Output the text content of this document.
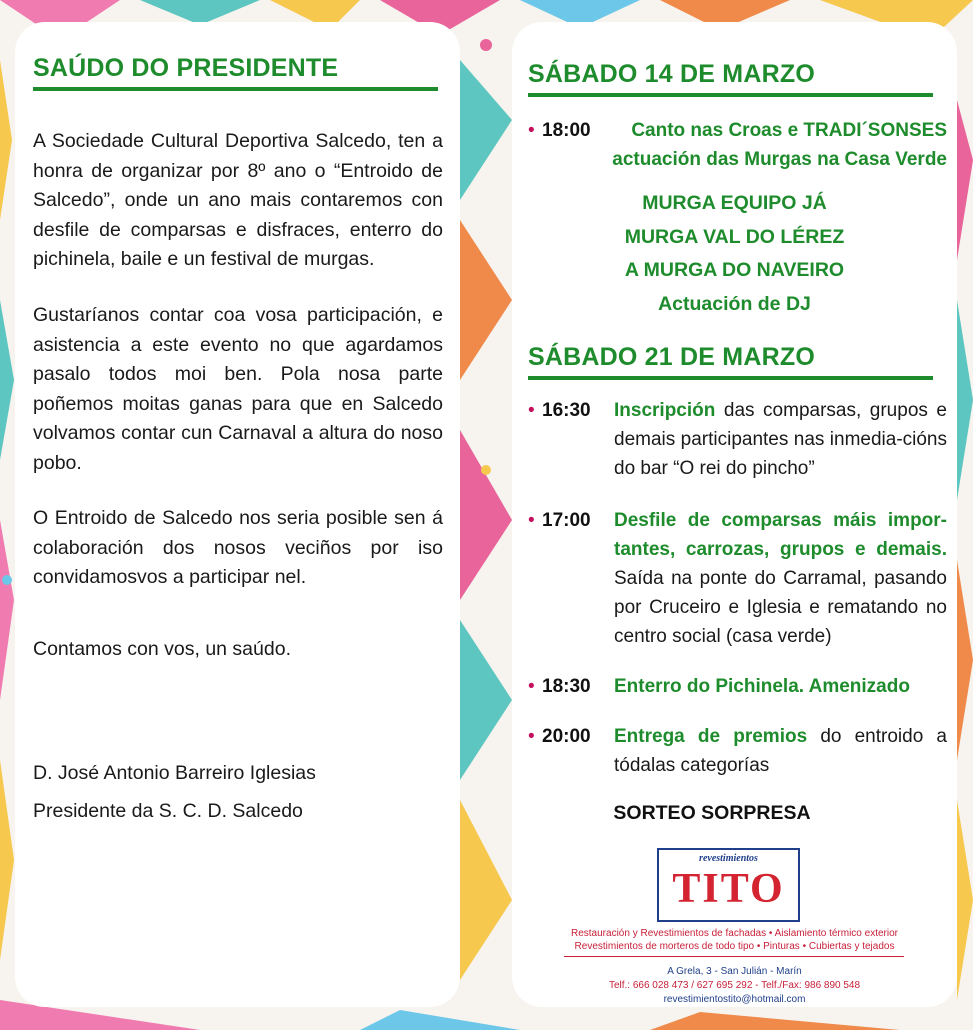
SAÚDO DO PRESIDENTE

A Sociedade Cultural Deportiva Salcedo, ten a honra de organizar por 8º ano o “Entroido de Salcedo”, onde un ano mais contaremos con desfile de comparsas e disfraces, enterro do pichinela, baile e un festival de murgas.

Gustaríanos contar coa vosa participación, e asistencia a este evento no que agardamos pasalo todos moi ben. Pola nosa parte poñemos moitas ganas para que en Salcedo volvamos contar cun Carnaval a altura do noso pobo.

O Entroido de Salcedo nos seria posible sen á colaboración dos nosos veciños por iso convidamosvos a participar nel.

Contamos con vos, un saúdo.

D. José Antonio Barreiro Iglesias

Presidente da S. C. D. Salcedo

SÁBADO 14 DE MARZO
• 18:00	Canto nas Croas e TRADI´SONSES
actuación das Murgas na Casa Verde
MURGA EQUIPO JÁ
MURGA VAL DO LÉREZ
A MURGA DO NAVEIRO
Actuación de DJ
SÁBADO 21 DE MARZO
• 16:30 Inscripción das comparsas, grupos e demais participantes nas inmedia-cións do bar “O rei do pincho”
• 17:00 Desfile de comparsas máis impor-tantes, carrozas, grupos e demais. Saída na ponte do Carramal, pasando por Cruceiro e Iglesia e rematando no centro social (casa verde)
• 18:30 Enterro do Pichinela. Amenizado
• 20:00 Entrega de premios do entroido a tódalas categorías
SORTEO SORPRESA
revestimientos
TITO
Restauración y Revestimientos de fachadas • Aislamiento térmico exterior
Revestimientos de morteros de todo tipo • Pinturas • Cubiertas y tejados
A Grela, 3 - San Julián - Marín
Telf.: 666 028 473 / 627 695 292 - Telf./Fax: 986 890 548
revestimientostito@hotmail.com
